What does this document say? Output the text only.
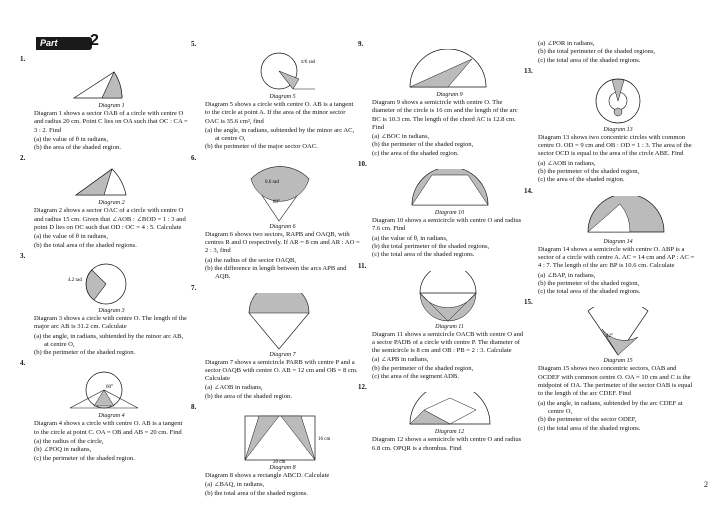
Part 2
1.
Diagram 1
Diagram 1 shows a sector OAB of a circle with centre O and radius 20 cm. Point C lies on OA such that OC : CA = 3 : 2. Find
(a) the value of θ in radians,
(b) the area of the shaded region.
2.
Diagram 2
Diagram 2 shows a sector OAC of a circle with centre O and radius 15 cm. Given that ∠AOB : ∠BOD = 1 : 3 and point D lies on OC such that OD : OC = 4 : 5. Calculate
(a) the value of θ in radians,
(b) the total area of the shaded regions.
3.
4.2 rad
Diagram 3
Diagram 3 shows a circle with centre O. The length of the major arc AB is 31.2 cm. Calculate
(a) the angle, in radians, subtended by the minor arc AB, at centre O,
(b) the perimeter of the shaded region.
4.
60°
Diagram 4
Diagram 4 shows a circle with centre O. AB is a tangent to the circle at point C. OA = OB and AB = 20 cm. Find
(a) the radius of the circle,
(b) ∠POQ in radians,
(c) the perimeter of the shaded region.
5.
π/6 rad
Diagram 5
Diagram 5 shows a circle with centre O. AB is a tangent to the circle at point A. If the area of the minor sector OAC is 35.6 cm², find
(a) the angle, in radians, subtended by the minor arc AC, at centre O,
(b) the perimeter of the major sector OAC.
6.
0.6 rad
80°
Diagram 6
Diagram 6 shows two sectors, RAPB and OAQB, with centres R and O respectively. If AR = 8 cm and AR : AO = 2 : 3, find
(a) the radius of the sector OAQB,
(b) the difference in length between the arcs APB and AQB.
7.
Diagram 7
Diagram 7 shows a semicircle PARB with centre P and a sector OAQB with centre O. AB = 12 cm and OB = 8 cm. Calculate
(a) ∠AOB in radians,
(b) the area of the shaded region.
8.
16 cm
20 cm
Diagram 8
Diagram 8 shows a rectangle ABCD. Calculate
(a) ∠BAQ, in radians,
(b) the total area of the shaded regions.
9.
Diagram 9
Diagram 9 shows a semicircle with centre O. The diameter of the circle is 16 cm and the length of the arc BC is 10.3 cm. The length of the chord AC is 12.8 cm. Find
(a) ∠BOC in radians,
(b) the perimeter of the shaded region,
(c) the area of the shaded region.
10.
Diagram 10
Diagram 10 shows a semicircle with centre O and radius 7.6 cm. Find
(a) the value of θ, in radians,
(b) the total perimeter of the shaded regions,
(c) the total area of the shaded regions.
11.
Diagram 11
Diagram 11 shows a semicircle OACB with centre O and a sector PADB of a circle with centre P. The diameter of the semicircle is 8 cm and OB : PB = 2 : 3. Calculate
(a) ∠APB in radians,
(b) the perimeter of the shaded region,
(c) the area of the segment ADB.
12.
Diagram 12
Diagram 12 shows a semicircle with centre O and radius 6.8 cm. OPQR is a rhombus. Find
(a) ∠POR in radians,
(b) the total perimeter of the shaded regions,
(c) the total area of the shaded regions.
13.
Diagram 13
Diagram 13 shows two concentric circles with common centre O. OD = 9 cm and OB : OD = 1 : 3. The area of the sector OCD is equal to the area of the circle ABE. Find
(a) ∠AOB in radians,
(b) the perimeter of the shaded region,
(c) the area of the shaded region.
14.
Diagram 14
Diagram 14 shows a semicircle with centre O. ABP is a sector of a circle with centre A. AC = 14 cm and AP : AC = 4 : 7. The length of the arc BP is 10.6 cm. Calculate
(a) ∠BAP, in radians,
(b) the perimeter of the shaded region,
(c) the total area of the shaded regions.
15.
42°
Diagram 15
Diagram 15 shows two concentric sectors, OAB and OCDEF with common centre O. OA = 10 cm and C is the midpoint of OA. The perimeter of the sector OAB is equal to the length of the arc CDEF. Find
(a) the angle, in radians, subtended by the arc CDEF at centre O,
(b) the perimeter of the sector ODEF,
(c) the total area of the shaded regions.
2
